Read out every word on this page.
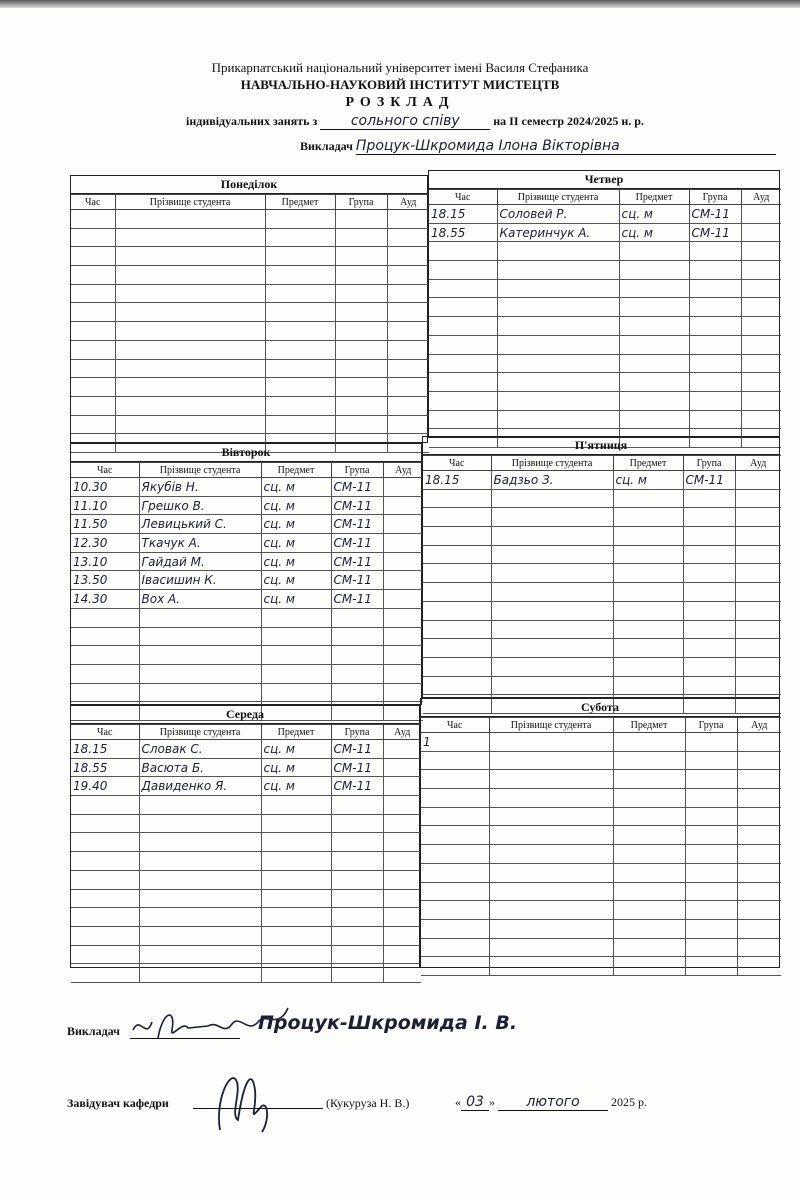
Прикарпатський національний університет імені Василя Стефаника
НАВЧАЛЬНО-НАУКОВИЙ ІНСТИТУТ МИСТЕЦТВ
РОЗКЛАД
індивідуальних занять з сольного співу	на ІІ семестр 2024/2025 н. р.
Викладач Процук-Шкромида Ілона Вікторівна
Понеділок
Час	Прізвище студента	Предмет	Група	Ауд

Четвер
Час	Прізвище студента	Предмет	Група	Ауд
18.15	Соловей Р.	сц. м	СМ-11	
18.55	Катеринчук А.	сц. м	СМ-11	

Вівторок
Час	Прізвище студента	Предмет	Група	Ауд
10.30	Якубів Н.	сц. м	СМ-11	
11.10	Грешко В.	сц. м	СМ-11	
11.50	Левицький С.	сц. м	СМ-11	
12.30	Ткачук А.	сц. м	СМ-11	
13.10	Гайдай М.	сц. м	СМ-11	
13.50	Івасишин К.	сц. м	СМ-11	
14.30	Вох А.	сц. м	СМ-11	

П'ятниця
Час	Прізвище студента	Предмет	Група	Ауд
18.15	Бадзьо З.	сц. м	СМ-11	

Середа
Час	Прізвище студента	Предмет	Група	Ауд
18.15	Словак С.	сц. м	СМ-11	
18.55	Васюта Б.	сц. м	СМ-11	
19.40	Давиденко Я.	сц. м	СМ-11	

Субота
Час	Прізвище студента	Предмет	Група	Ауд
1				

Викладач	Процук-Шкромида І. В.
Завідувач кафедри	(Кукуруза Н. В.)	« 03 » лютого	2025 р.
